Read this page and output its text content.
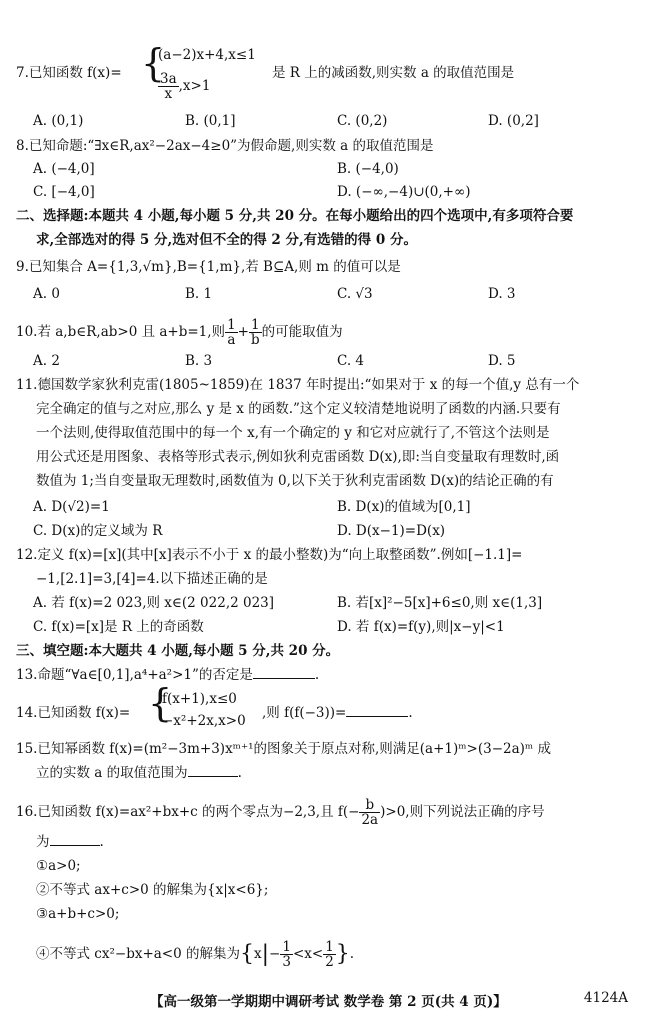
7.已知函数 f(x)= {
(a−2)x+4,x≤1
$\frac{3a}{x} ,x>1$
是 R 上的减函数,则实数 a 的取值范围是
A. (0,1)	B. (0,1]	C. (0,2)	D. (0,2]
8.已知命题:“∃x∈R,ax²−2ax−4≥0”为假命题,则实数 a 的取值范围是
A. (−4,0]	B. (−4,0)
C. [−4,0]	D. (−∞,−4)∪(0,+∞)
二、选择题:本题共 4 小题,每小题 5 分,共 20 分。在每小题给出的四个选项中,有多项符合要
求,全部选对的得 5 分,选对但不全的得 2 分,有选错的得 0 分。
9.已知集合 A={1,3,√m},B={1,m},若 B⊆A,则 m 的值可以是
A. 0	B. 1	C. √3	D. 3
10.若 a,b∈R,ab>0 且 a+b=1,则 $\frac{1}{a} + \frac{1}{b}$ 的可能取值为
A. 2	B. 3	C. 4	D. 5
11.德国数学家狄利克雷(1805~1859)在 1837 年时提出:“如果对于 x 的每一个值,y 总有一个
完全确定的值与之对应,那么 y 是 x 的函数.”这个定义较清楚地说明了函数的内涵.只要有
一个法则,使得取值范围中的每一个 x,有一个确定的 y 和它对应就行了,不管这个法则是
用公式还是用图象、表格等形式表示,例如狄利克雷函数 D(x),即:当自变量取有理数时,函
数值为 1;当自变量取无理数时,函数值为 0,以下关于狄利克雷函数 D(x)的结论正确的有
A. D(√2)=1	B. D(x)的值域为[0,1]
C. D(x)的定义域为 R	D. D(x−1)=D(x)
12.定义 f(x)=[x](其中[x]表示不小于 x 的最小整数)为“向上取整函数”.例如[−1.1]=
−1,[2.1]=3,[4]=4.以下描述正确的是
A. 若 f(x)=2 023,则 x∈(2 022,2 023]	B. 若[x]²−5[x]+6≤0,则 x∈(1,3]
C. f(x)=[x]是 R 上的奇函数	D. 若 f(x)=f(y),则|x−y|<1
三、填空题:本大题共 4 小题,每小题 5 分,共 20 分。
13.命题“∀a∈[0,1],a⁴+a²>1”的否定是	.
14.已知函数 f(x)= {
f(x+1),x≤0
−x²+2x,x>0 ,则 f(f(−3))=	.
15.已知幂函数 f(x)=(m²−3m+3)xᵐ⁺¹的图象关于原点对称,则满足(a+1)ᵐ>(3−2a)ᵐ 成
立的实数 a 的取值范围为	.
16.已知函数 f(x)=ax²+bx+c 的两个零点为−2,3,且 $f(- \frac{b}{2a} )>0$,则下列说法正确的序号
为	.
①a>0;
②不等式 ax+c>0 的解集为{x|x<6};
③a+b+c>0;
④不等式 cx²−bx+a<0 的解集为{$x|- \frac{1}{3} <x< \frac{1}{2}$ }.
【高一级第一学期期中调研考试 数学卷 第 2 页(共 4 页)】	4124A
